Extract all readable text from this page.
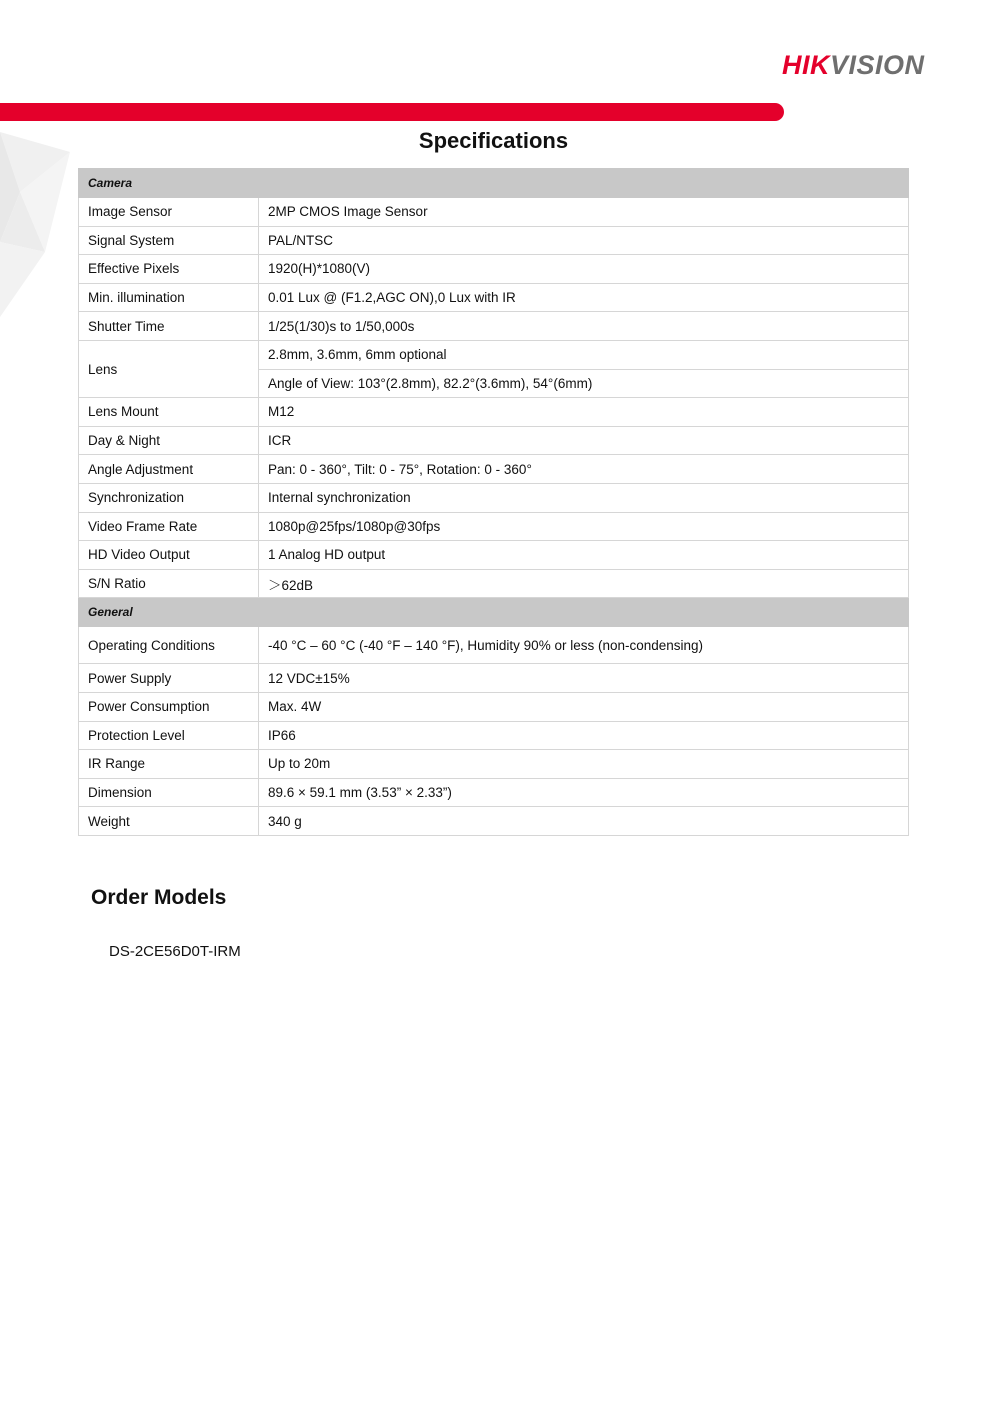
HIKVISION
Specifications
Camera	
Image Sensor	2MP CMOS Image Sensor
Signal System	PAL/NTSC
Effective Pixels	1920(H)*1080(V)
Min. illumination	0.01 Lux @ (F1.2,AGC ON),0 Lux with IR
Shutter Time	1/25(1/30)s to 1/50,000s
Lens	2.8mm, 3.6mm, 6mm optional
	Angle of View: 103°(2.8mm), 82.2°(3.6mm), 54°(6mm)
Lens Mount	M12
Day & Night	ICR
Angle Adjustment	Pan: 0 - 360°, Tilt: 0 - 75°, Rotation: 0 - 360°
Synchronization	Internal synchronization
Video Frame Rate	1080p@25fps/1080p@30fps
HD Video Output	1 Analog HD output
S/N Ratio	＞62dB
General	
Operating Conditions	-40 °C – 60 °C (-40 °F – 140 °F), Humidity 90% or less (non-condensing)
Power Supply	12 VDC±15%
Power Consumption	Max. 4W
Protection Level	IP66
IR Range	Up to 20m
Dimension	89.6 × 59.1 mm (3.53” × 2.33”)
Weight	340 g
Order Models
DS-2CE56D0T-IRM
